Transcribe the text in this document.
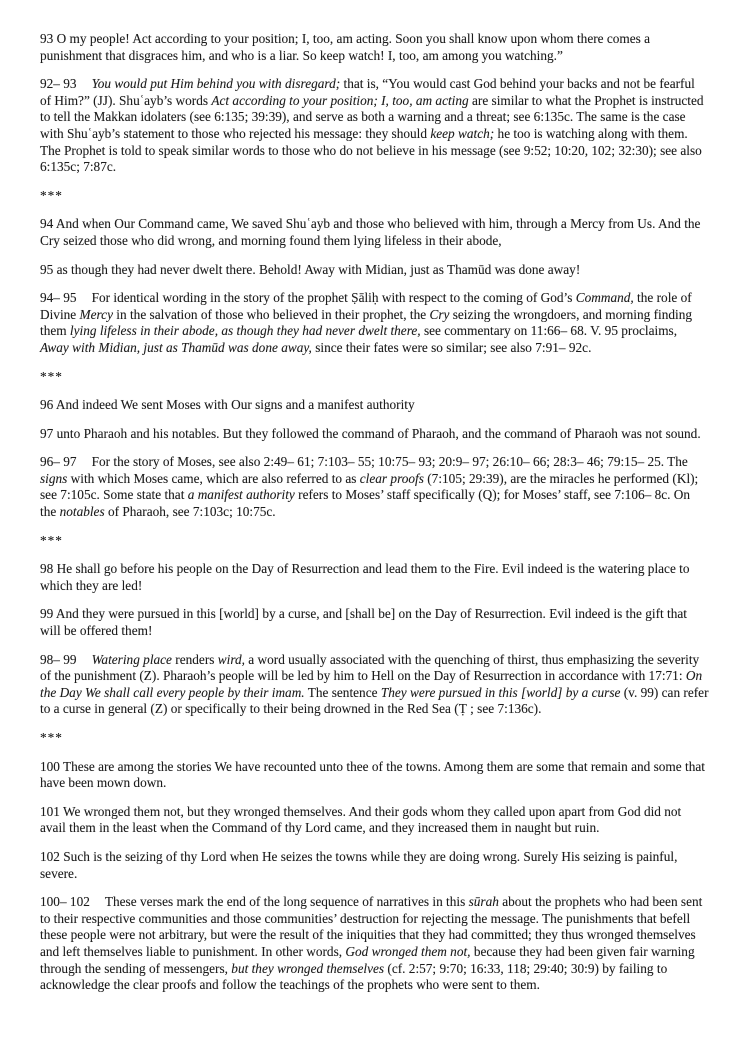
93 O my people! Act according to your position; I, too, am acting. Soon you shall know upon whom there comes a punishment that disgraces him, and who is a liar. So keep watch! I, too, am among you watching.”

92– 93 You would put Him behind you with disregard; that is, “You would cast God behind your backs and not be fearful of Him?” (JJ). Shuʿayb’s words Act according to your position; I, too, am acting are similar to what the Prophet is instructed to tell the Makkan idolaters (see 6:135; 39:39), and serve as both a warning and a threat; see 6:135c. The same is the case with Shuʿayb’s statement to those who rejected his message: they should keep watch; he too is watching along with them. The Prophet is told to speak similar words to those who do not believe in his message (see 9:52; 10:20, 102; 32:30); see also 6:135c; 7:87c.

***

94 And when Our Command came, We saved Shuʿayb and those who believed with him, through a Mercy from Us. And the Cry seized those who did wrong, and morning found them lying lifeless in their abode,

95 as though they had never dwelt there. Behold! Away with Midian, just as Thamūd was done away!

94– 95 For identical wording in the story of the prophet Ṣāliḥ with respect to the coming of God’s Command, the role of Divine Mercy in the salvation of those who believed in their prophet, the Cry seizing the wrongdoers, and morning finding them lying lifeless in their abode, as though they had never dwelt there, see commentary on 11:66– 68. V. 95 proclaims, Away with Midian, just as Thamūd was done away, since their fates were so similar; see also 7:91– 92c.

***

96 And indeed We sent Moses with Our signs and a manifest authority

97 unto Pharaoh and his notables. But they followed the command of Pharaoh, and the command of Pharaoh was not sound.

96– 97 For the story of Moses, see also 2:49– 61; 7:103– 55; 10:75– 93; 20:9– 97; 26:10– 66; 28:3– 46; 79:15– 25. The signs with which Moses came, which are also referred to as clear proofs (7:105; 29:39), are the miracles he performed (Kl); see 7:105c. Some state that a manifest authority refers to Moses’ staff specifically (Q); for Moses’ staff, see 7:106– 8c. On the notables of Pharaoh, see 7:103c; 10:75c.

***

98 He shall go before his people on the Day of Resurrection and lead them to the Fire. Evil indeed is the watering place to which they are led!

99 And they were pursued in this [world] by a curse, and [shall be] on the Day of Resurrection. Evil indeed is the gift that will be offered them!

98– 99 Watering place renders wird, a word usually associated with the quenching of thirst, thus emphasizing the severity of the punishment (Z). Pharaoh’s people will be led by him to Hell on the Day of Resurrection in accordance with 17:71: On the Day We shall call every people by their imam. The sentence They were pursued in this [world] by a curse (v. 99) can refer to a curse in general (Z) or specifically to their being drowned in the Red Sea (Ṭ ; see 7:136c).

***

100 These are among the stories We have recounted unto thee of the towns. Among them are some that remain and some that have been mown down.

101 We wronged them not, but they wronged themselves. And their gods whom they called upon apart from God did not avail them in the least when the Command of thy Lord came, and they increased them in naught but ruin.

102 Such is the seizing of thy Lord when He seizes the towns while they are doing wrong. Surely His seizing is painful, severe.

100– 102 These verses mark the end of the long sequence of narratives in this sūrah about the prophets who had been sent to their respective communities and those communities’ destruction for rejecting the message. The punishments that befell these people were not arbitrary, but were the result of the iniquities that they had committed; they thus wronged themselves and left themselves liable to punishment. In other words, God wronged them not, because they had been given fair warning through the sending of messengers, but they wronged themselves (cf. 2:57; 9:70; 16:33, 118; 29:40; 30:9) by failing to acknowledge the clear proofs and follow the teachings of the prophets who were sent to them.
